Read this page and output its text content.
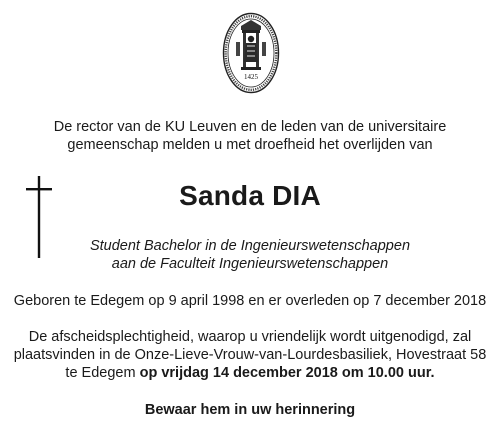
1425
De rector van de KU Leuven en de leden van de universitaire
gemeenschap melden u met droefheid het overlijden van
Sanda DIA
Student Bachelor in de Ingenieurswetenschappen
aan de Faculteit Ingenieurswetenschappen
Geboren te Edegem op 9 april 1998 en er overleden op 7 december 2018
De afscheidsplechtigheid, waarop u vriendelijk wordt uitgenodigd, zal
plaatsvinden in de Onze-Lieve-Vrouw-van-Lourdesbasiliek, Hovestraat 58
te Edegem op vrijdag 14 december 2018 om 10.00 uur.
Bewaar hem in uw herinnering
